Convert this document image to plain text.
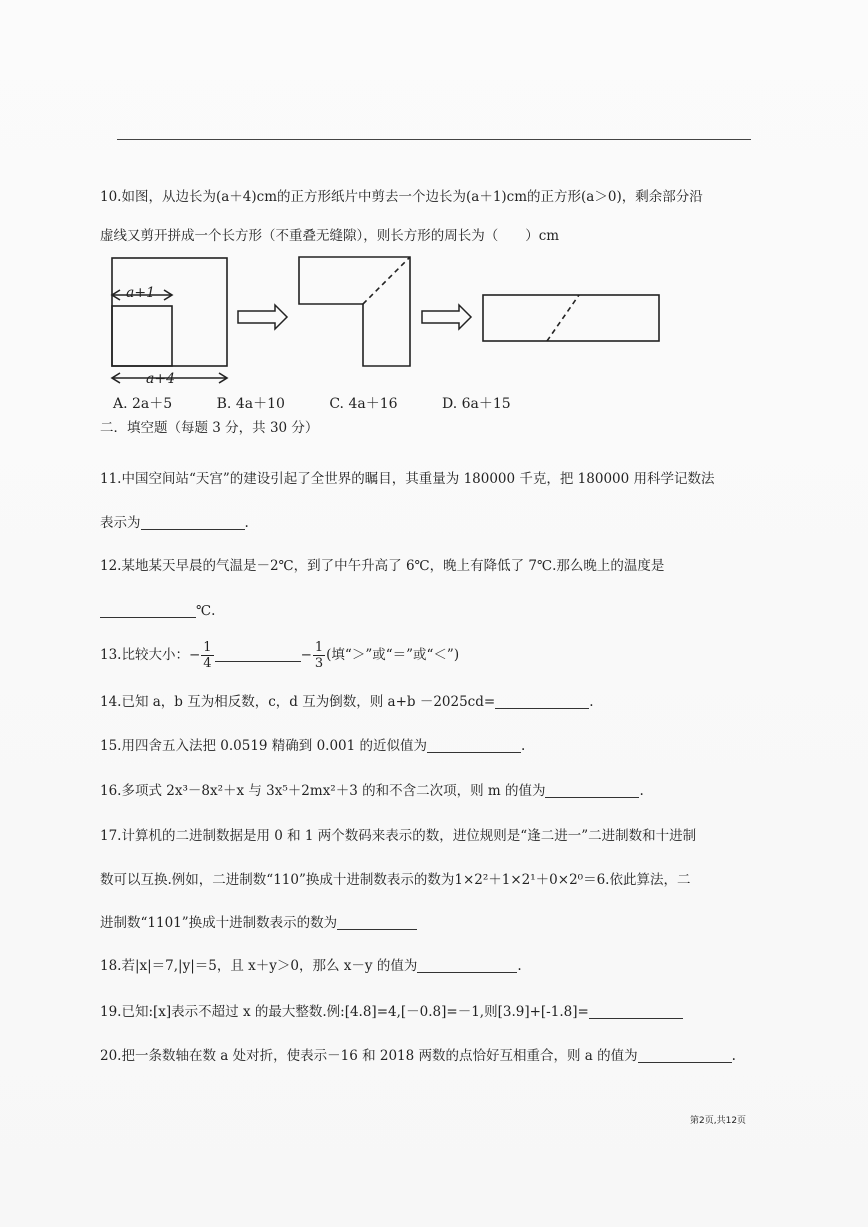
10.如图，从边长为(a＋4)cm的正方形纸片中剪去一个边长为(a＋1)cm的正方形(a＞0)，剩余部分沿
虚线又剪开拼成一个长方形（不重叠无缝隙），则长方形的周长为（　　）cm
a+1
a+4
A. 2a＋5	B. 4a＋10	C. 4a＋16	D. 6a＋15
二．填空题（每题 3 分，共 30 分）
11.中国空间站“天宫”的建设引起了全世界的瞩目，其重量为 180000 千克，把 180000 用科学记数法
表示为	.
12.某地某天早晨的气温是－2℃，到了中午升高了 6℃，晚上有降低了 7℃.那么晚上的温度是
℃.
13.比较大小：− $\frac{1}{4}$	− $\frac{1}{3}$ (填“＞”或“＝”或“＜”)
14.已知 a，b 互为相反数，c，d 互为倒数，则 a+b －2025cd=	.
15.用四舍五入法把 0.0519 精确到 0.001 的近似值为	.
16.多项式 2x³－8x²＋x 与 3x⁵＋2mx²＋3 的和不含二次项，则 m 的值为	.
17.计算机的二进制数据是用 0 和 1 两个数码来表示的数，进位规则是“逢二进一”二进制数和十进制
数可以互换.例如，二进制数“110”换成十进制数表示的数为1×2²＋1×2¹＋0×2⁰＝6.依此算法，二
进制数“1101”换成十进制数表示的数为
18.若|x|＝7,|y|＝5，且 x＋y＞0，那么 x－y 的值为	.
19.已知:[x]表示不超过 x 的最大整数.例:[4.8]=4,[－0.8]=－1,则[3.9]+[-1.8]=
20.把一条数轴在数 a 处对折，使表示－16 和 2018 两数的点恰好互相重合，则 a 的值为	.
第2页,共12页
